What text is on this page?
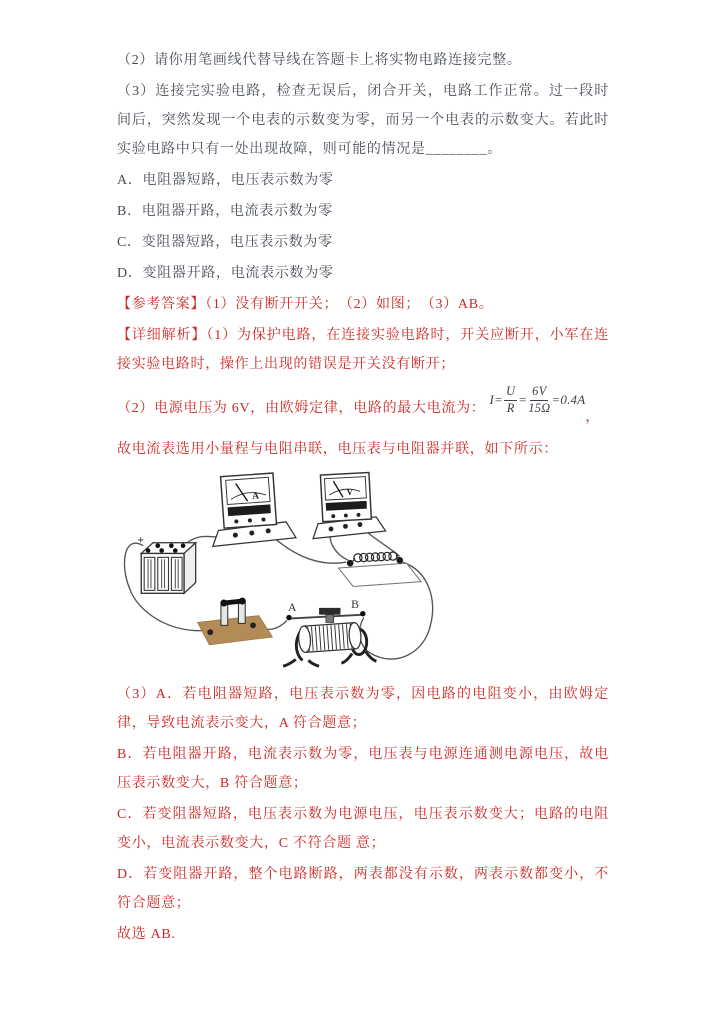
（2）请你用笔画线代替导线在答题卡上将实物电路连接完整。
（3）连接完实验电路，检查无误后，闭合开关，电路工作正常。过一段时间后，突然发现一个电表的示数变为零，而另一个电表的示数变大。若此时实验电路中只有一处出现故障，则可能的情况是________。
A．电阻器短路，电压表示数为零
B．电阻器开路，电流表示数为零
C．变阻器短路，电压表示数为零
D．变阻器开路，电流表示数为零
【参考答案】（1）没有断开开关；　（2）如图；　（3）AB。
【详细解析】（1）为保护电路，在连接实验电路时，开关应断开，小军在连接实验电路时，操作上出现的错误是开关没有断开；
（2）电源电压为 6V，由欧姆定律，电路的最大电流为：
$I= \frac{U}{R} = \frac{6V}{15\Omega} =0.4A$
，
故电流表选用小量程与电阻串联，电压表与电阻器并联，如下所示：
A	V
+
A	B
（3）A．若电阻器短路，电压表示数为零，因电路的电阻变小，由欧姆定律，导致电流表示变大，A 符合题意；
B．若电阻器开路，电流表示数为零，电压表与电源连通测电源电压，故电压表示数变大，B 符合题意；
C．若变阻器短路，电压表示数为电源电压，电压表示数变大；电路的电阻变小，电流表示数变大，C 不符合题 意；
D．若变阻器开路，整个电路断路，两表都没有示数，两表示数都变小，不符合题意；
故选 AB.
